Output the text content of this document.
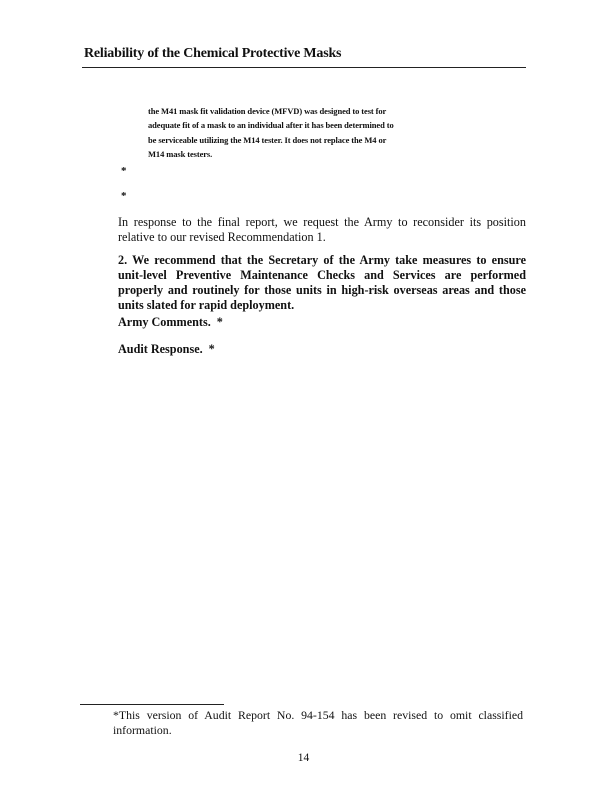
Reliability of the Chemical Protective Masks
the M41 mask fit validation device (MFVD) was designed to test for
adequate fit of a mask to an individual after it has been determined to
be serviceable utilizing the M14 tester. It does not replace the M4 or
M14 mask testers.
*
*
In response to the final report, we request the Army to reconsider its position relative to our revised Recommendation 1.
2. We recommend that the Secretary of the Army take measures to ensure unit-level Preventive Maintenance Checks and Services are performed properly and routinely for those units in high-risk overseas areas and those units slated for rapid deployment.
Army Comments. *
Audit Response. *
*This version of Audit Report No. 94-154 has been revised to omit classified information.
14
